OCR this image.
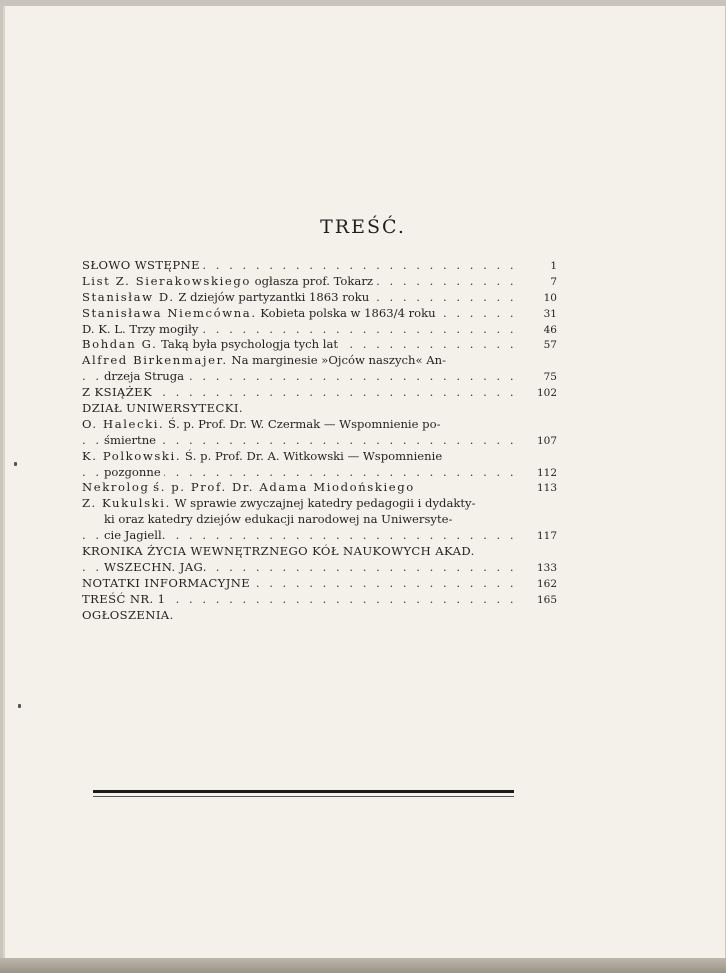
TREŚĆ.
SŁOWO WSTĘPNE . . .	1
List Z. Sierakowskiego ogłasza prof. Tokarz . . .	7
Stanisław D. Z dziejów partyzantki 1863 roku . . .	10
Stanisława Niemcówna. Kobieta polska w 1863/4 roku . . .	31
D. K. L. Trzy mogiły . . .	46
Bohdan G. Taką była psychologja tych lat . . .	57
Alfred Birkenmajer. Na marginesie »Ojców naszych« An-
drzeja Struga . . .	75
Z KSIĄŻEK . . .	102
DZIAŁ UNIWERSYTECKI.
O. Halecki. Ś. p. Prof. Dr. W. Czermak — Wspomnienie po-
śmiertne . . .	107
K. Polkowski. Ś. p. Prof. Dr. A. Witkowski — Wspomnienie
pozgonne . . .	112
Nekrolog ś. p. Prof. Dr. Adama Miodońskiego	113
Z. Kukulski. W sprawie zwyczajnej katedry pedagogii i dydakty-
ki oraz katedry dziejów edukacji narodowej na Uniwersyte-
cie Jagiell. . . .	117
KRONIKA ŻYCIA WEWNĘTRZNEGO KÓŁ NAUKOWYCH AKAD.
WSZECHN. JAG. . . .	133
NOTATKI INFORMACYJNE . . .	162
TREŚĆ NR. 1 . . .	165
OGŁOSZENIA.
